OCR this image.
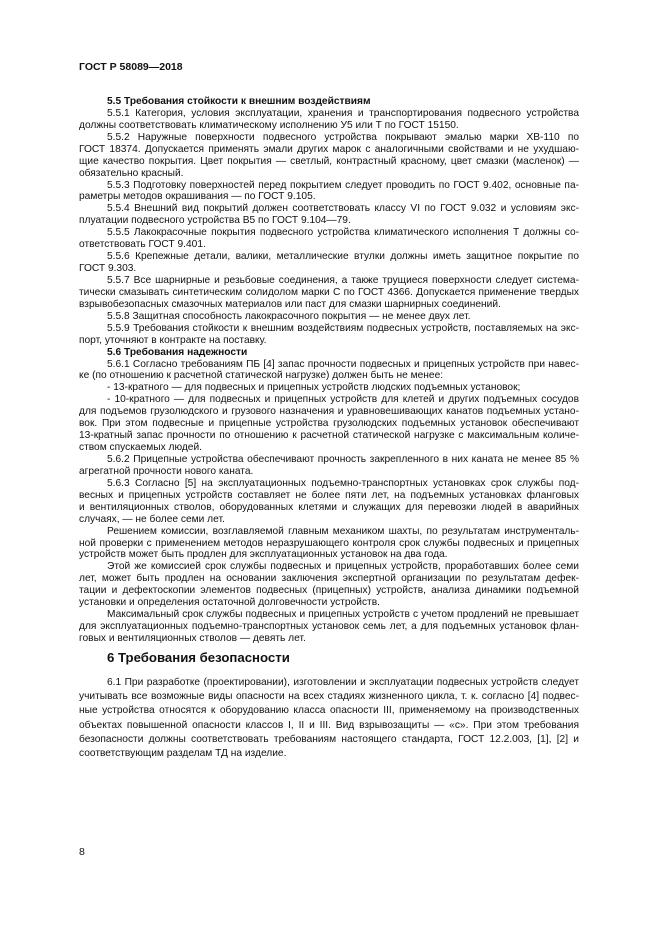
ГОСТ Р 58089—2018
5.5 Требования стойкости к внешним воздействиям
5.5.1 Категория, условия эксплуатации, хранения и транспортирования подвесного устройства
должны соответствовать климатическому исполнению У5 или Т по ГОСТ 15150.
5.5.2 Наружные поверхности подвесного устройства покрывают эмалью марки ХВ-110 по
ГОСТ 18374. Допускается применять эмали других марок с аналогичными свойствами и не ухудшаю-
щие качество покрытия. Цвет покрытия — светлый, контрастный красному, цвет смазки (масленок) —
обязательно красный.
5.5.3 Подготовку поверхностей перед покрытием следует проводить по ГОСТ 9.402, основные па-
раметры методов окрашивания — по ГОСТ 9.105.
5.5.4 Внешний вид покрытий должен соответствовать классу VI по ГОСТ 9.032 и условиям экс-
плуатации подвесного устройства В5 по ГОСТ 9.104—79.
5.5.5 Лакокрасочные покрытия подвесного устройства климатического исполнения Т должны со-
ответствовать ГОСТ 9.401.
5.5.6 Крепежные детали, валики, металлические втулки должны иметь защитное покрытие по
ГОСТ 9.303.
5.5.7 Все шарнирные и резьбовые соединения, а также трущиеся поверхности следует система-
тически смазывать синтетическим солидолом марки С по ГОСТ 4366. Допускается применение твердых
взрывобезопасных смазочных материалов или паст для смазки шарнирных соединений.
5.5.8 Защитная способность лакокрасочного покрытия — не менее двух лет.
5.5.9 Требования стойкости к внешним воздействиям подвесных устройств, поставляемых на экс-
порт, уточняют в контракте на поставку.
5.6 Требования надежности
5.6.1 Согласно требованиям ПБ [4] запас прочности подвесных и прицепных устройств при навес-
ке (по отношению к расчетной статической нагрузке) должен быть не менее:
- 13-кратного — для подвесных и прицепных устройств людских подъемных установок;
- 10-кратного — для подвесных и прицепных устройств для клетей и других подъемных сосудов
для подъемов грузолюдского и грузового назначения и уравновешивающих канатов подъемных устано-
вок. При этом подвесные и прицепные устройства грузолюдских подъемных установок обеспечивают
13-кратный запас прочности по отношению к расчетной статической нагрузке с максимальным количе-
ством спускаемых людей.
5.6.2 Прицепные устройства обеспечивают прочность закрепленного в них каната не менее 85 %
агрегатной прочности нового каната.
5.6.3 Согласно [5] на эксплуатационных подъемно-транспортных установках срок службы под-
весных и прицепных устройств составляет не более пяти лет, на подъемных установках фланговых
и вентиляционных стволов, оборудованных клетями и служащих для перевозки людей в аварийных
случаях, — не более семи лет.
Решением комиссии, возглавляемой главным механиком шахты, по результатам инструменталь-
ной проверки с применением методов неразрушающего контроля срок службы подвесных и прицепных
устройств может быть продлен для эксплуатационных установок на два года.
Этой же комиссией срок службы подвесных и прицепных устройств, проработавших более семи
лет, может быть продлен на основании заключения экспертной организации по результатам дефек-
тации и дефектоскопии элементов подвесных (прицепных) устройств, анализа динамики подъемной
установки и определения остаточной долговечности устройств.
Максимальный срок службы подвесных и прицепных устройств с учетом продлений не превышает
для эксплуатационных подъемно-транспортных установок семь лет, а для подъемных установок флан-
говых и вентиляционных стволов — девять лет.
6.1 При разработке (проектировании), изготовлении и эксплуатации подвесных устройств следует
учитывать все возможные виды опасности на всех стадиях жизненного цикла, т. к. согласно [4] подвес-
ные устройства относятся к оборудованию класса опасности III, применяемому на производственных
объектах повышенной опасности классов I, II и III. Вид взрывозащиты — «с». При этом требования
безопасности должны соответствовать требованиям настоящего стандарта, ГОСТ 12.2.003, [1], [2] и
соответствующим разделам ТД на изделие.
6 Требования безопасности
8
